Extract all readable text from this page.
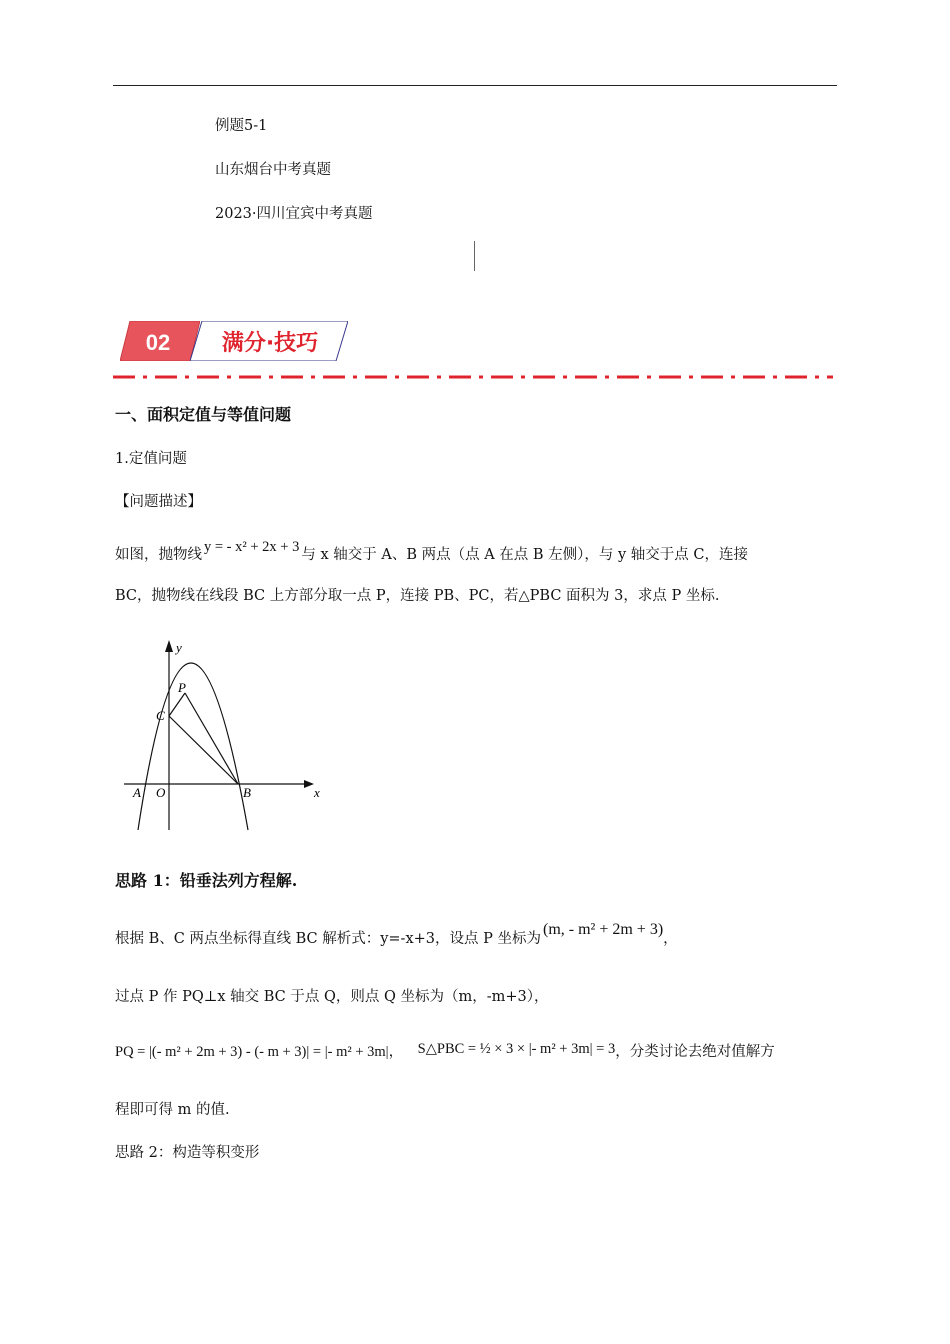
例题5-1
山东烟台中考真题
2023·四川宜宾中考真题
02 满分·技巧
一、面积定值与等值问题
1.定值问题
【问题描述】
如图，抛物线 y = - x² + 2x + 3 与 x 轴交于 A、B 两点（点 A 在点 B 左侧），与 y 轴交于点 C，连接
BC，抛物线在线段 BC 上方部分取一点 P，连接 PB、PC，若△PBC 面积为 3，求点 P 坐标.
y
x
P
C
A O	B
思路 1：铅垂法列方程解.
根据 B、C 两点坐标得直线 BC 解析式：y=-x+3，设点 P 坐标为(m, - m² + 2m + 3)，
过点 P 作 PQ⊥x 轴交 BC 于点 Q，则点 Q 坐标为（m，-m+3），
PQ = |(- m² + 2m + 3) - (- m + 3)| = |- m² + 3m|， S△PBC = ½ × 3 × |- m² + 3m| = 3，分类讨论去绝对值解方
程即可得 m 的值.
思路 2：构造等积变形
